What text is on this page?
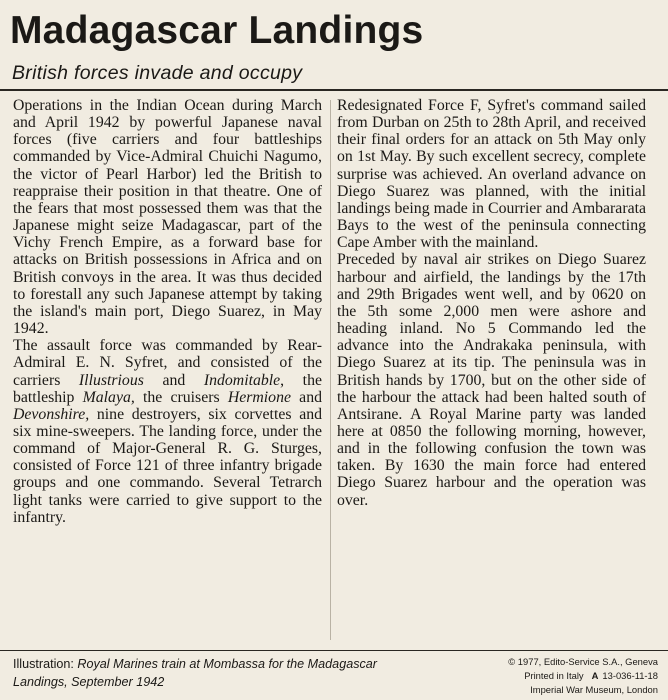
Madagascar Landings
British forces invade and occupy

Operations in the Indian Ocean during March and April 1942 by powerful Japanese naval forces (five carriers and four battleships commanded by Vice-Admiral Chuichi Nagumo, the victor of Pearl Harbor) led the British to reappraise their position in that theatre. One of the fears that most possessed them was that the Japanese might seize Madagascar, part of the Vichy French Empire, as a forward base for attacks on British possessions in Africa and on British convoys in the area. It was thus decided to forestall any such Japanese attempt by taking the island's main port, Diego Suarez, in May 1942.

The assault force was commanded by Rear-Admiral E. N. Syfret, and consisted of the carriers Illustrious and Indomitable, the battleship Malaya, the cruisers Hermione and Devonshire, nine destroyers, six corvettes and six mine-sweepers. The landing force, under the command of Major-General R. G. Sturges, consisted of Force 121 of three infantry brigade groups and one commando. Several Tetrarch light tanks were carried to give support to the infantry.

Redesignated Force F, Syfret's command sailed from Durban on 25th to 28th April, and received their final orders for an attack on 5th May only on 1st May. By such excellent secrecy, complete surprise was achieved. An overland advance on Diego Suarez was planned, with the initial landings being made in Courrier and Ambararata Bays to the west of the peninsula connecting Cape Amber with the mainland.

Preceded by naval air strikes on Diego Suarez harbour and airfield, the landings by the 17th and 29th Brigades went well, and by 0620 on the 5th some 2,000 men were ashore and heading inland. No 5 Commando led the advance into the Andrakaka peninsula, with Diego Suarez at its tip. The peninsula was in British hands by 1700, but on the other side of the harbour the attack had been halted south of Antsirane. A Royal Marine party was landed here at 0850 the following morning, however, and in the following confusion the town was taken. By 1630 the main force had entered Diego Suarez harbour and the operation was over.

Illustration: Royal Marines train at Mombassa for the Madagascar Landings, September 1942
© 1977, Edito-Service S.A., Geneva
Printed in Italy A 13-036-11-18
Imperial War Museum, London
